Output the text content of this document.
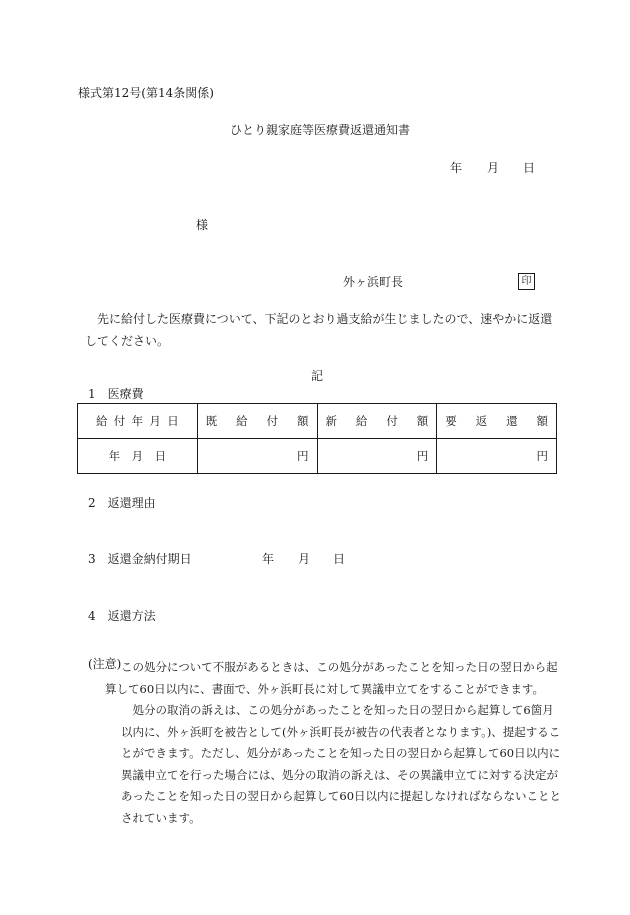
様式第12号(第14条関係)
ひとり親家庭等医療費返還通知書
年 月 日
様
外ヶ浜町長	印
先に給付した医療費について、下記のとおり過支給が生じましたので、速やかに返還してください。
記
1　医療費
給付年月日	既給付額	新給付額	要返還額
年　月　日	円	円	円
2　返還理由
3　返還金納付期日	年 月 日
4　返還方法
(注意) この処分について不服があるときは、この処分があったことを知った日の翌日から起算して60日以内に、書面で、外ヶ浜町長に対して異議申立てをすることができます。

処分の取消の訴えは、この処分があったことを知った日の翌日から起算して6箇月以内に、外ヶ浜町を被告として(外ヶ浜町長が被告の代表者となります。)、提起することができます。ただし、処分があったことを知った日の翌日から起算して60日以内に異議申立てを行った場合には、処分の取消の訴えは、その異議申立てに対する決定があったことを知った日の翌日から起算して60日以内に提起しなければならないこととされています。
